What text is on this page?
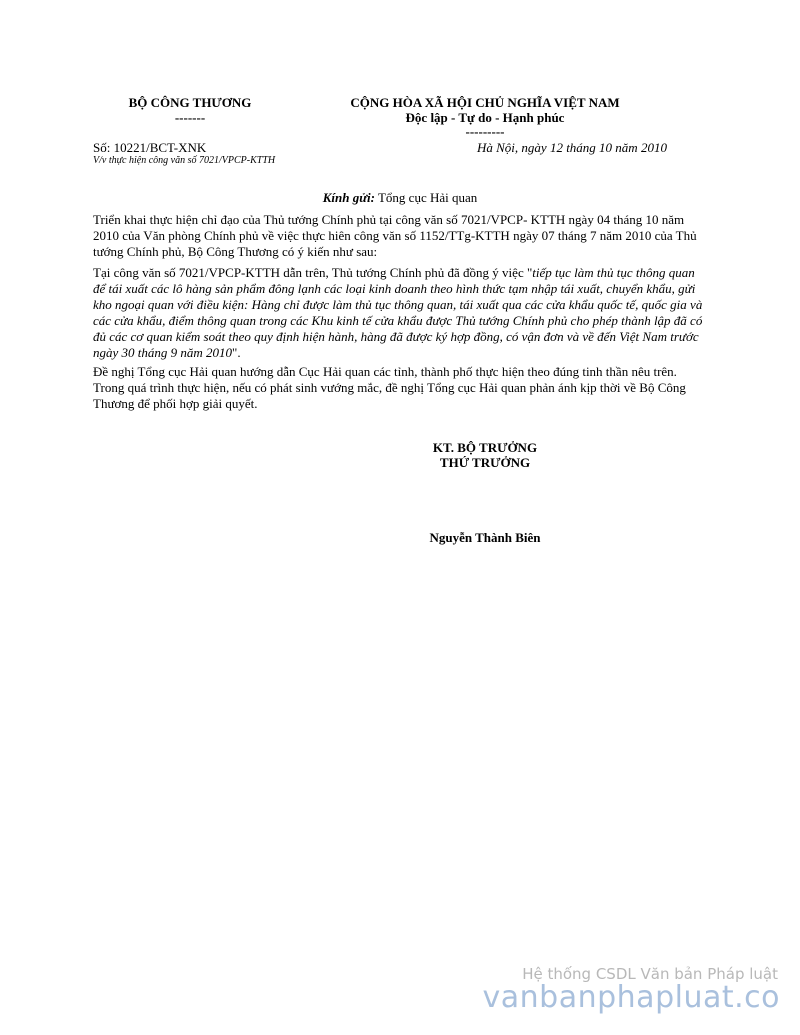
BỘ CÔNG THƯƠNG
-------
CỘNG HÒA XÃ HỘI CHỦ NGHĨA VIỆT NAM
Độc lập - Tự do - Hạnh phúc
---------
Số: 10221/BCT-XNK
V/v thực hiện công văn số 7021/VPCP-KTTH
Hà Nội, ngày 12 tháng 10 năm 2010
Kính gửi: Tổng cục Hải quan
Triển khai thực hiện chỉ đạo của Thủ tướng Chính phủ tại công văn số 7021/VPCP- KTTH ngày 04 tháng 10 năm 2010 của Văn phòng Chính phủ về việc thực hiên công văn số 1152/TTg-KTTH ngày 07 tháng 7 năm 2010 của Thủ tướng Chính phủ, Bộ Công Thương có ý kiến như sau:
Tại công văn số 7021/VPCP-KTTH dẫn trên, Thủ tướng Chính phủ đã đồng ý việc "tiếp tục làm thủ tục thông quan để tái xuất các lô hàng sản phẩm đông lạnh các loại kinh doanh theo hình thức tạm nhập tái xuất, chuyển khẩu, gửi kho ngoại quan với điều kiện: Hàng chỉ được làm thủ tục thông quan, tái xuất qua các cửa khẩu quốc tế, quốc gia và các cửa khẩu, điểm thông quan trong các Khu kinh tế cửa khẩu được Thủ tướng Chính phủ cho phép thành lập đã có đủ các cơ quan kiểm soát theo quy định hiện hành, hàng đã được ký hợp đồng, có vận đơn và về đến Việt Nam trước ngày 30 tháng 9 năm 2010".
Đề nghị Tổng cục Hải quan hướng dẫn Cục Hải quan các tỉnh, thành phố thực hiện theo đúng tinh thần nêu trên. Trong quá trình thực hiện, nếu có phát sinh vướng mắc, đề nghị Tổng cục Hải quan phản ánh kịp thời về Bộ Công Thương để phối hợp giải quyết.
KT. BỘ TRƯỞNG
THỨ TRƯỞNG
Nguyễn Thành Biên
Hệ thống CSDL Văn bản Pháp luật
vanbanphapluat.co
